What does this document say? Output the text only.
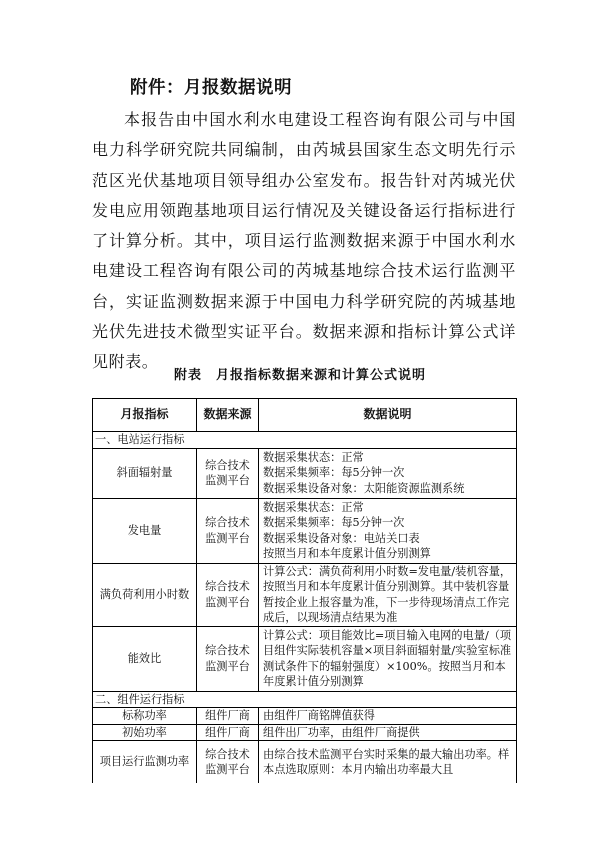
附件：月报数据说明
本报告由中国水利水电建设工程咨询有限公司与中国电力科学研究院共同编制，由芮城县国家生态文明先行示范区光伏基地项目领导组办公室发布。报告针对芮城光伏发电应用领跑基地项目运行情况及关键设备运行指标进行了计算分析。其中，项目运行监测数据来源于中国水利水电建设工程咨询有限公司的芮城基地综合技术运行监测平台，实证监测数据来源于中国电力科学研究院的芮城基地光伏先进技术微型实证平台。数据来源和指标计算公式详见附表。
附表　月报指标数据来源和计算公式说明
月报指标	数据来源	数据说明
一、电站运行指标		
斜面辐射量	综合技术监测平台	数据采集状态：正常
数据采集频率：每5分钟一次
数据采集设备对象：太阳能资源监测系统
发电量	综合技术监测平台	数据采集状态：正常
数据采集频率：每5分钟一次
数据采集设备对象：电站关口表
按照当月和本年度累计值分别测算
满负荷利用小时数	综合技术监测平台	计算公式：满负荷利用小时数=发电量/装机容量，按照当月和本年度累计值分别测算。其中装机容量暂按企业上报容量为准，下一步待现场清点工作完成后，以现场清点结果为准
能效比	综合技术监测平台	计算公式：项目能效比=项目输入电网的电量/（项目组件实际装机容量×项目斜面辐射量/实验室标准测试条件下的辐射强度）×100%。按照当月和本年度累计值分别测算
二、组件运行指标		
标称功率	组件厂商	由组件厂商铭牌值获得
初始功率	组件厂商	组件出厂功率，由组件厂商提供
项目运行监测功率	综合技术监测平台	由综合技术监测平台实时采集的最大输出功率。样本点选取原则：本月内输出功率最大且
